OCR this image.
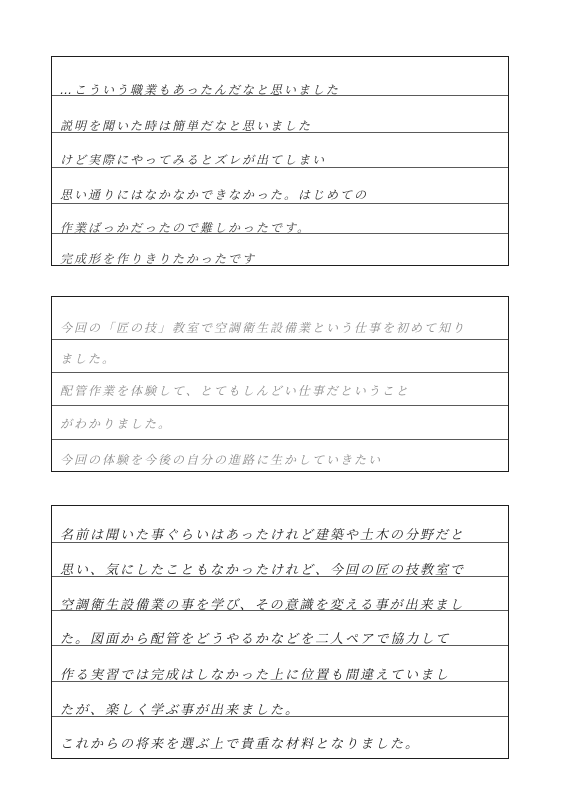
…こういう職業もあったんだなと思いました
説明を聞いた時は簡単だなと思いました
けど実際にやってみるとズレが出てしまい
思い通りにはなかなかできなかった。はじめての
作業ばっかだったので難しかったです。
完成形を作りきりたかったです
今回の「匠の技」教室で空調衛生設備業という仕事を初めて知り
ました。
配管作業を体験して、とてもしんどい仕事だということ
がわかりました。
今回の体験を今後の自分の進路に生かしていきたい
名前は聞いた事ぐらいはあったけれど建築や土木の分野だと
思い、気にしたこともなかったけれど、今回の匠の技教室で
空調衛生設備業の事を学び、その意識を変える事が出来まし
た。図面から配管をどうやるかなどを二人ペアで協力して
作る実習では完成はしなかった上に位置も間違えていまし
たが、楽しく学ぶ事が出来ました。
これからの将来を選ぶ上で貴重な材料となりました。
